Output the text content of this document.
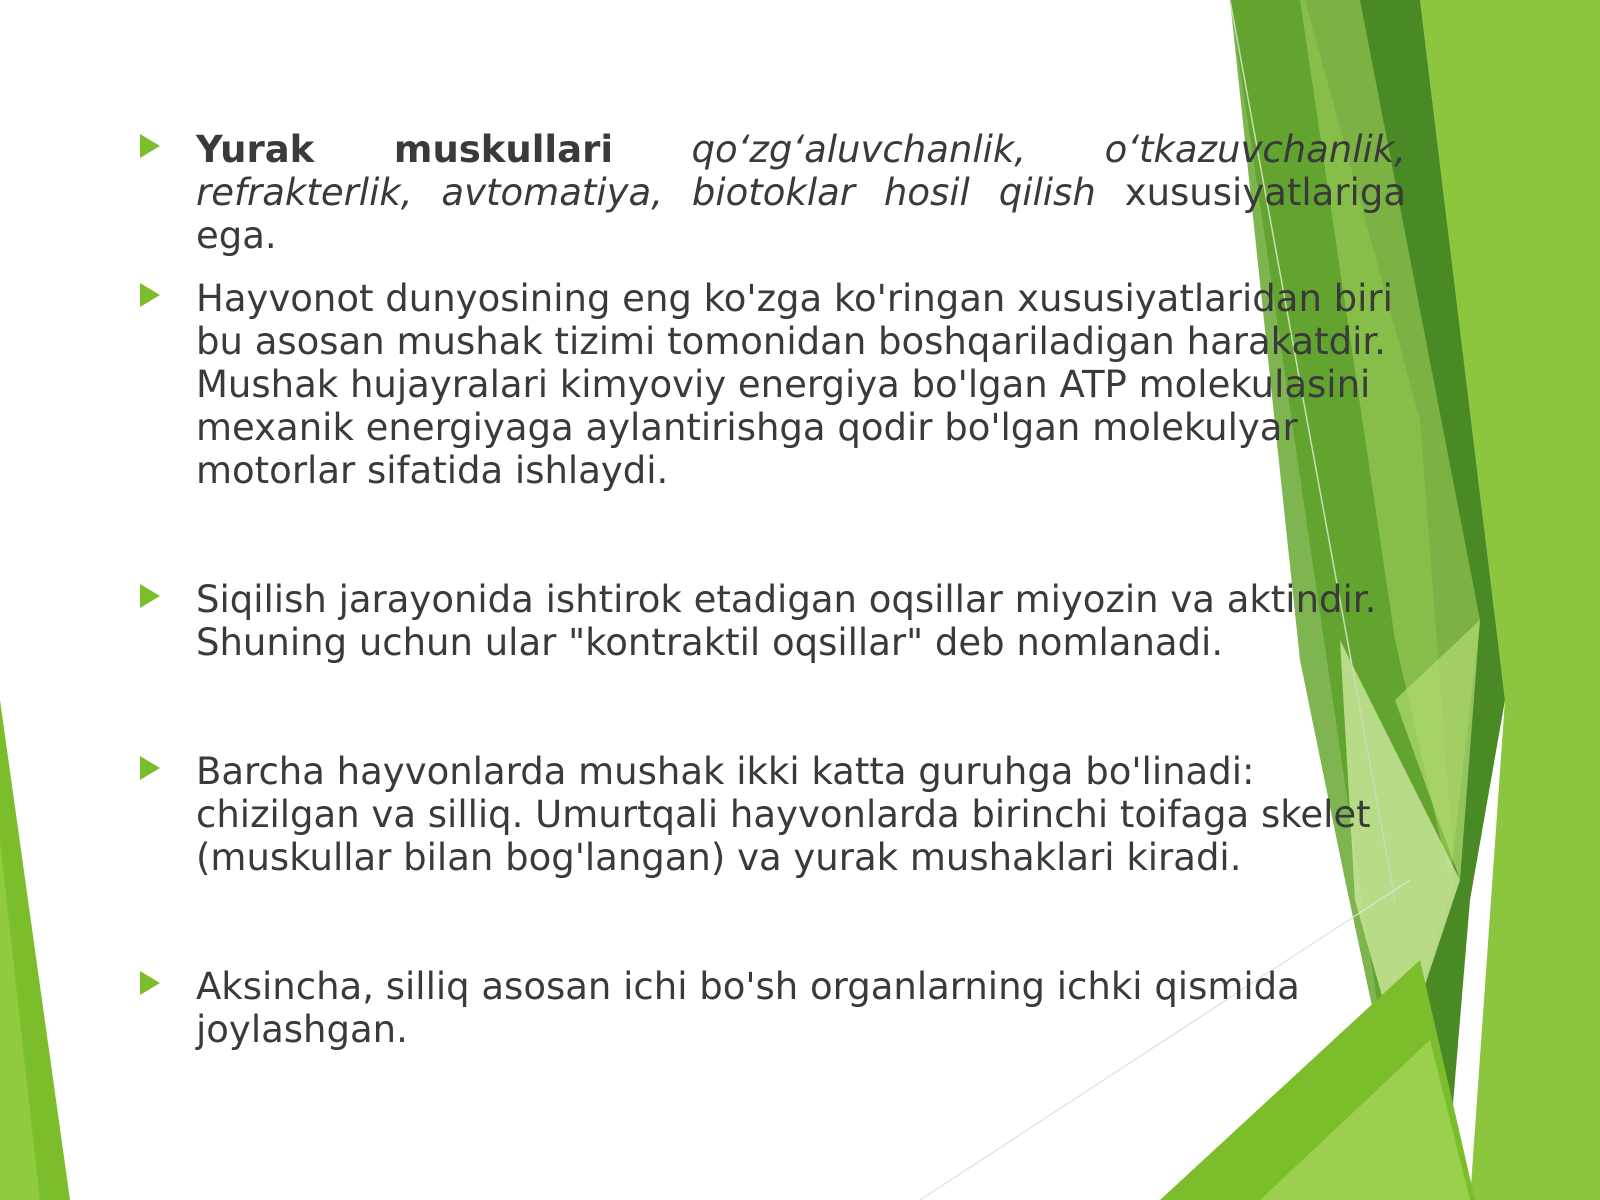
Yurak muskullari qo‘zg‘aluvchanlik, o‘tkazuvchanlik, refrakterlik, avtomatiya, biotoklar hosil qilish xususiyatlariga ega.
Hayvonot dunyosining eng ko'zga ko'ringan xususiyatlaridan biri bu asosan mushak tizimi tomonidan boshqariladigan harakatdir. Mushak hujayralari kimyoviy energiya bo'lgan ATP molekulasini mexanik energiyaga aylantirishga qodir bo'lgan molekulyar motorlar sifatida ishlaydi.
Siqilish jarayonida ishtirok etadigan oqsillar miyozin va aktindir. Shuning uchun ular "kontraktil oqsillar" deb nomlanadi.
Barcha hayvonlarda mushak ikki katta guruhga bo'linadi: chizilgan va silliq. Umurtqali hayvonlarda birinchi toifaga skelet (muskullar bilan bog'langan) va yurak mushaklari kiradi.
Aksincha, silliq asosan ichi bo'sh organlarning ichki qismida joylashgan.
